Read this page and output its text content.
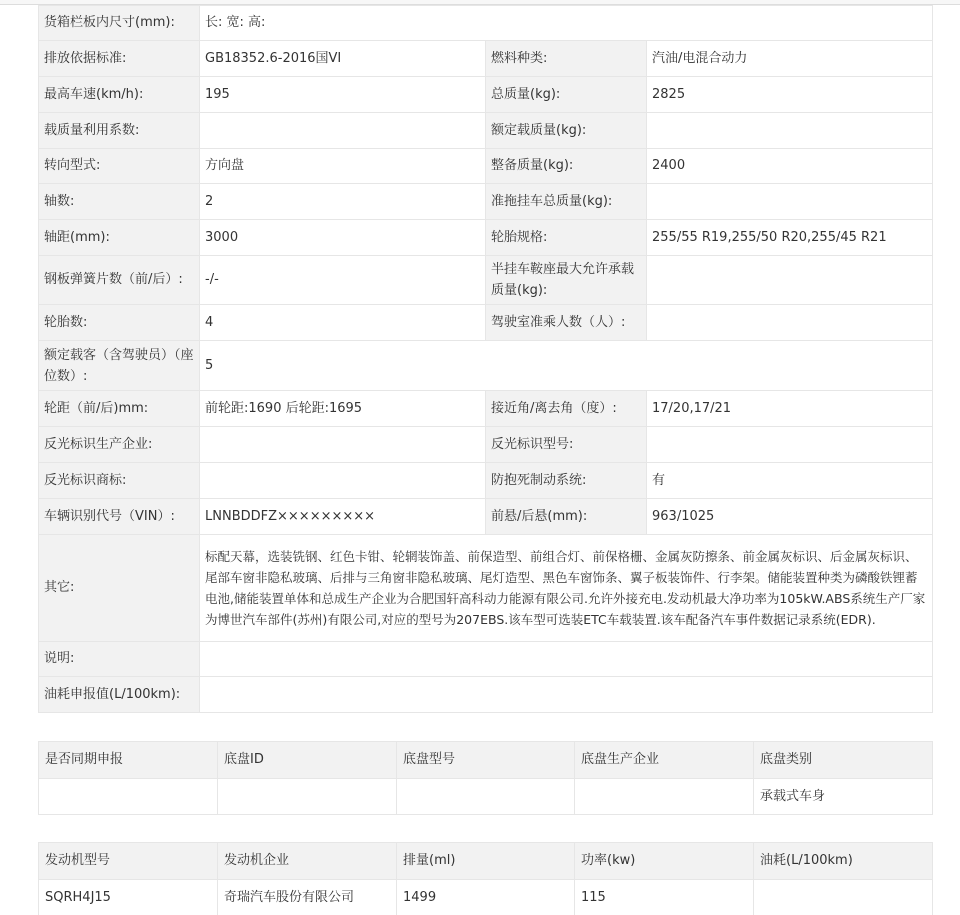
货箱栏板内尺寸(mm):	长: 宽: 高:		
排放依据标准:	GB18352.6-2016国VI	燃料种类:	汽油/电混合动力
最高车速(km/h):	195	总质量(kg):	2825
载质量利用系数:		额定载质量(kg):	
转向型式:	方向盘	整备质量(kg):	2400
轴数:	2	准拖挂车总质量(kg):	
轴距(mm):	3000	轮胎规格:	255/55 R19,255/50 R20,255/45 R21
钢板弹簧片数（前/后）:	-/-	半挂车鞍座最大允许承载质量(kg):	
轮胎数:	4	驾驶室准乘人数（人）:	
额定载客（含驾驶员）（座位数）:	5		
轮距（前/后)mm:	前轮距:1690 后轮距:1695	接近角/离去角（度）:	17/20,17/21
反光标识生产企业:		反光标识型号:	
反光标识商标:		防抱死制动系统:	有
车辆识别代号（VIN）:	LNNBDDFZ×××××××××	前悬/后悬(mm):	963/1025
其它:	标配天幕，选装铣钢、红色卡钳、轮辋装饰盖、前保造型、前组合灯、前保格栅、金属灰防擦条、前金属灰标识、后金属灰标识、尾部车窗非隐私玻璃、后排与三角窗非隐私玻璃、尾灯造型、黑色车窗饰条、翼子板装饰件、行李架。储能装置种类为磷酸铁锂蓄电池,储能装置单体和总成生产企业为合肥国轩高科动力能源有限公司.允许外接充电.发动机最大净功率为105kW.ABS系统生产厂家为博世汽车部件(苏州)有限公司,对应的型号为207EBS.该车型可选装ETC车载装置.该车配备汽车事件数据记录系统(EDR).		
说明:			
油耗申报值(L/100km):			
是否同期申报	底盘ID	底盘型号	底盘生产企业	底盘类别
				承载式车身
发动机型号	发动机企业	排量(ml)	功率(kw)	油耗(L/100km)
SQRH4J15	奇瑞汽车股份有限公司	1499	115	
